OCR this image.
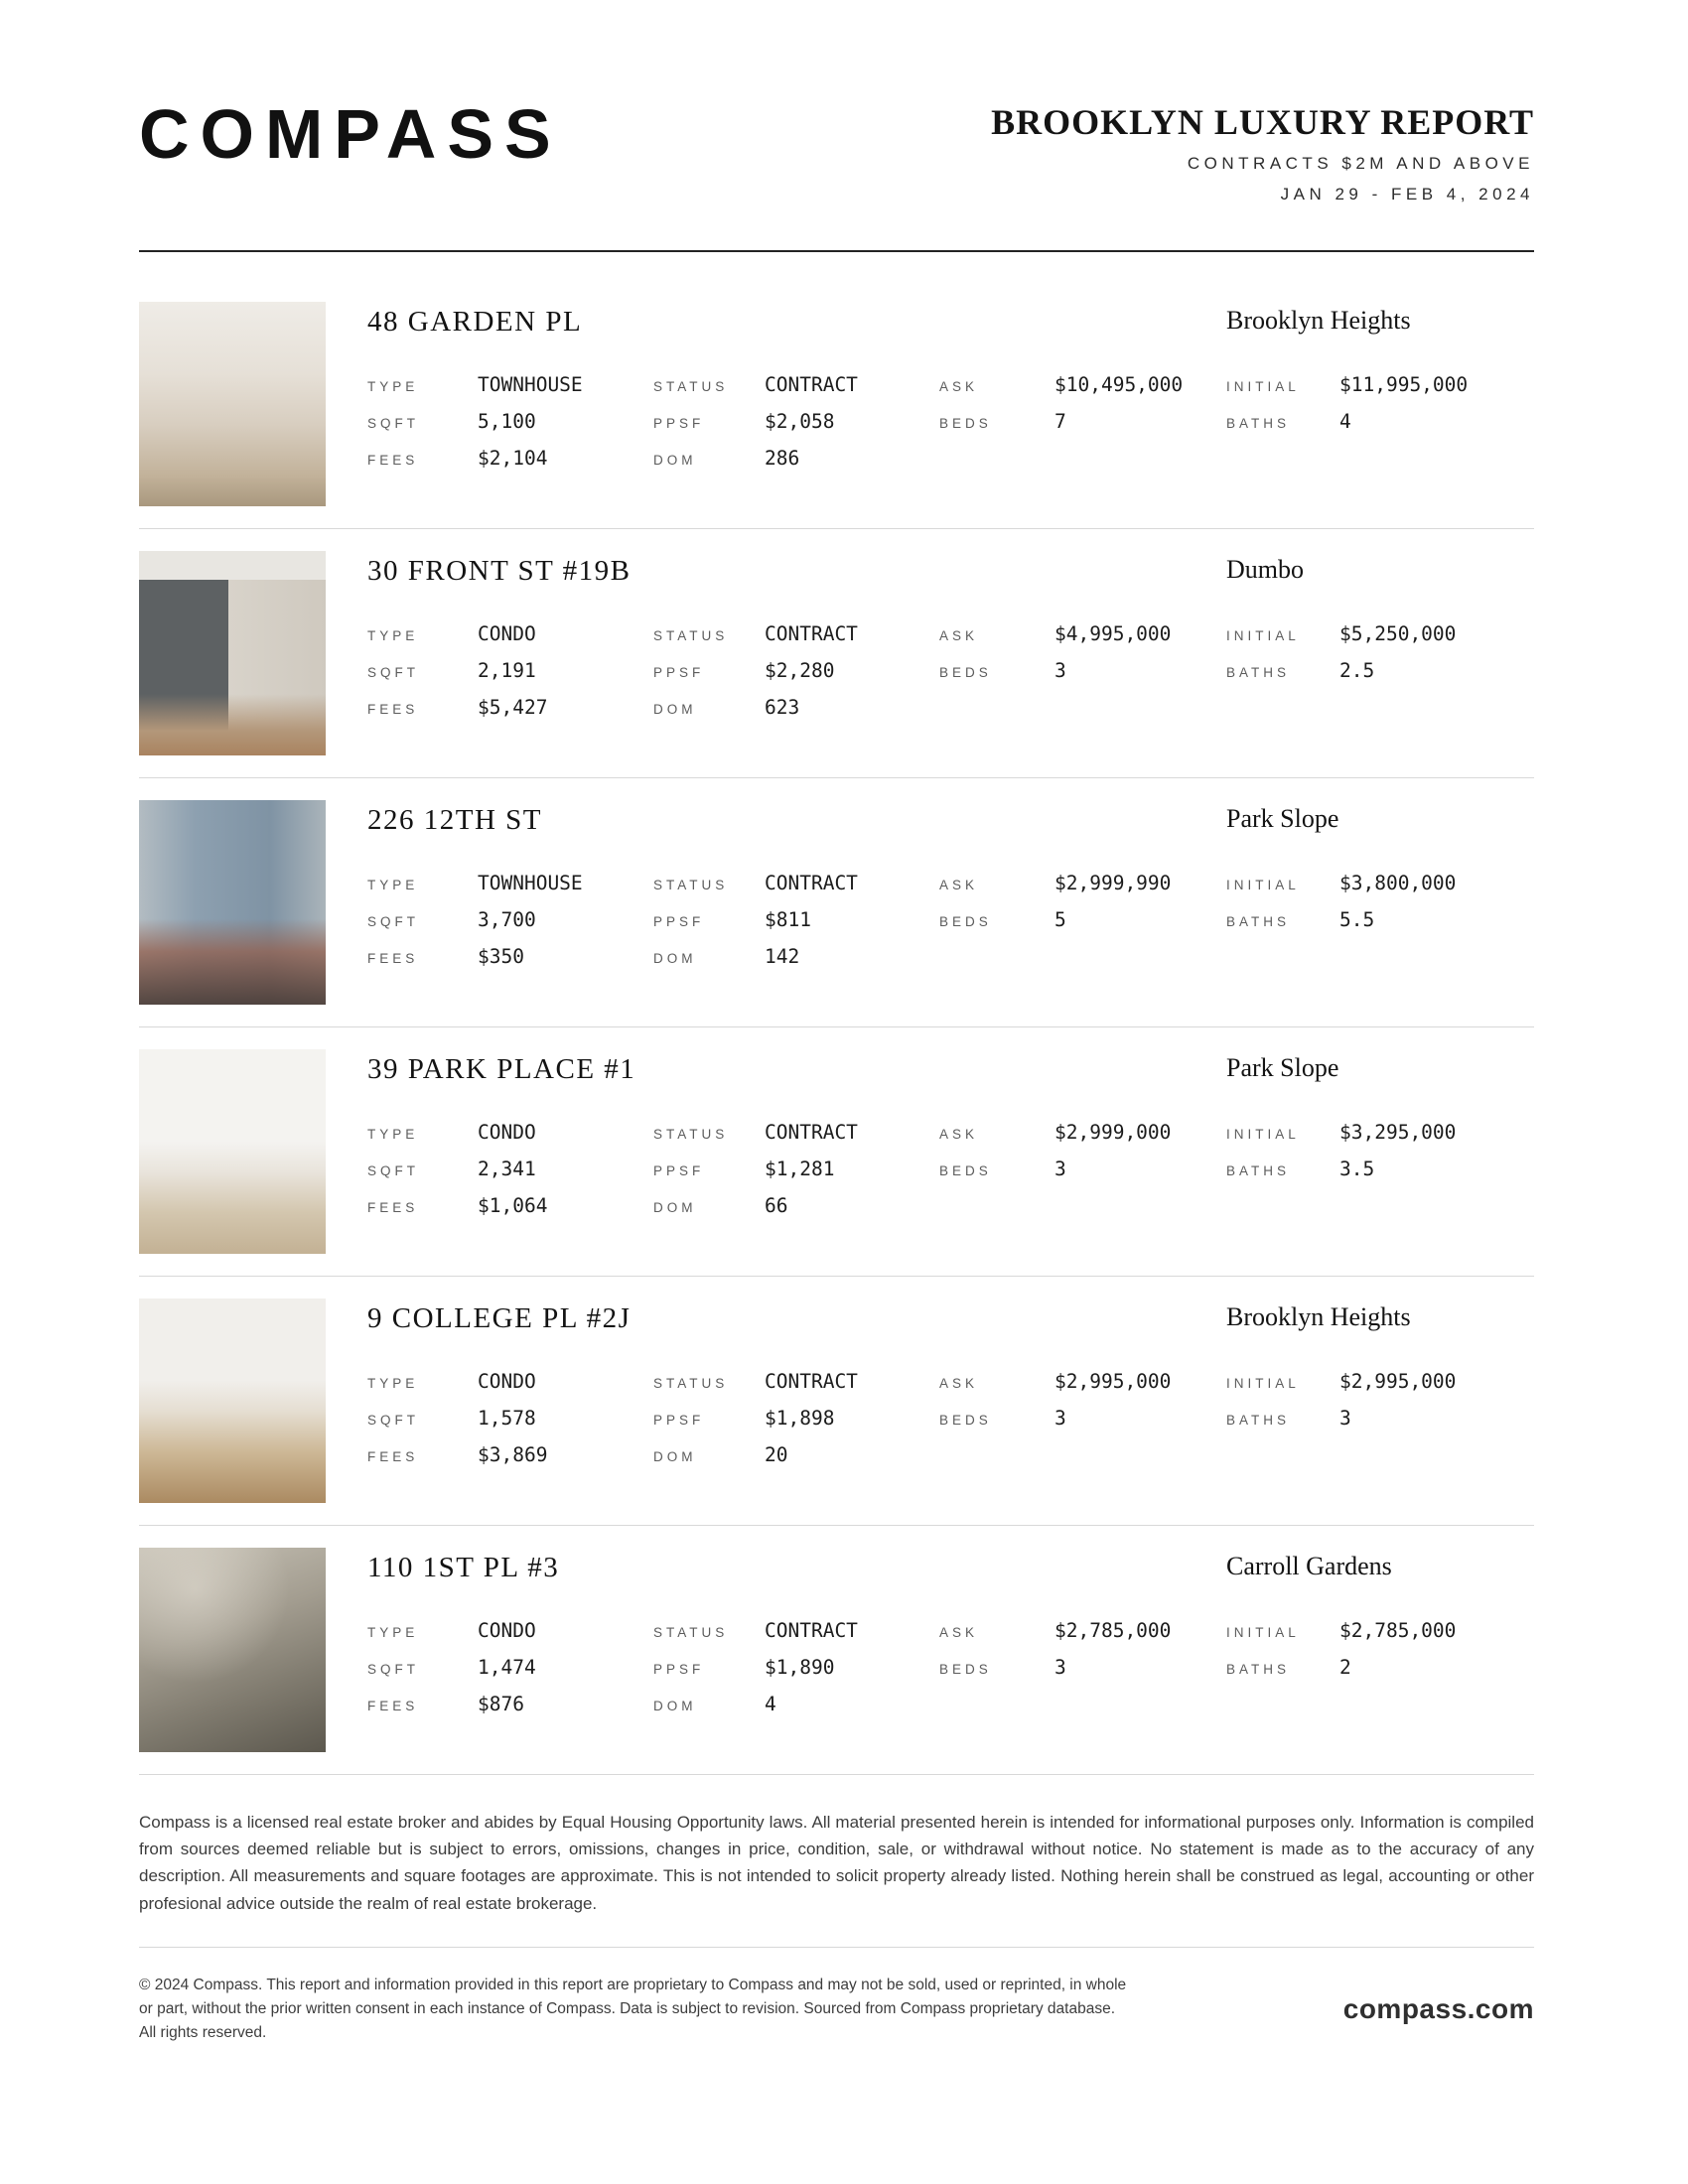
COMPASS	BROOKLYN LUXURY REPORT
CONTRACTS $2M AND ABOVE
JAN 29 - FEB 4, 2024
48 GARDEN PL	Brooklyn Heights
TYPE	TOWNHOUSE	STATUS	CONTRACT	ASK	$10,495,000	INITIAL	$11,995,000
SQFT	5,100	PPSF	$2,058	BEDS	7	BATHS	4
FEES	$2,104	DOM	286
30 FRONT ST #19B	Dumbo
TYPE	CONDO	STATUS	CONTRACT	ASK	$4,995,000	INITIAL	$5,250,000
SQFT	2,191	PPSF	$2,280	BEDS	3	BATHS	2.5
FEES	$5,427	DOM	623
226 12TH ST	Park Slope
TYPE	TOWNHOUSE	STATUS	CONTRACT	ASK	$2,999,990	INITIAL	$3,800,000
SQFT	3,700	PPSF	$811	BEDS	5	BATHS	5.5
FEES	$350	DOM	142
39 PARK PLACE #1	Park Slope
TYPE	CONDO	STATUS	CONTRACT	ASK	$2,999,000	INITIAL	$3,295,000
SQFT	2,341	PPSF	$1,281	BEDS	3	BATHS	3.5
FEES	$1,064	DOM	66
9 COLLEGE PL #2J	Brooklyn Heights
TYPE	CONDO	STATUS	CONTRACT	ASK	$2,995,000	INITIAL	$2,995,000
SQFT	1,578	PPSF	$1,898	BEDS	3	BATHS	3
FEES	$3,869	DOM	20
110 1ST PL #3	Carroll Gardens
TYPE	CONDO	STATUS	CONTRACT	ASK	$2,785,000	INITIAL	$2,785,000
SQFT	1,474	PPSF	$1,890	BEDS	3	BATHS	2
FEES	$876	DOM	4
Compass is a licensed real estate broker and abides by Equal Housing Opportunity laws. All material presented herein is intended for informational purposes only. Information is compiled from sources deemed reliable but is subject to errors, omissions, changes in price, condition, sale, or withdrawal without notice. No statement is made as to the accuracy of any description. All measurements and square footages are approximate. This is not intended to solicit property already listed. Nothing herein shall be construed as legal, accounting or other profesional advice outside the realm of real estate brokerage.
© 2024 Compass. This report and information provided in this report are proprietary to Compass and may not be sold, used or reprinted, in whole or part, without the prior written consent in each instance of Compass. Data is subject to revision. Sourced from Compass proprietary database. All rights reserved.
compass.com
